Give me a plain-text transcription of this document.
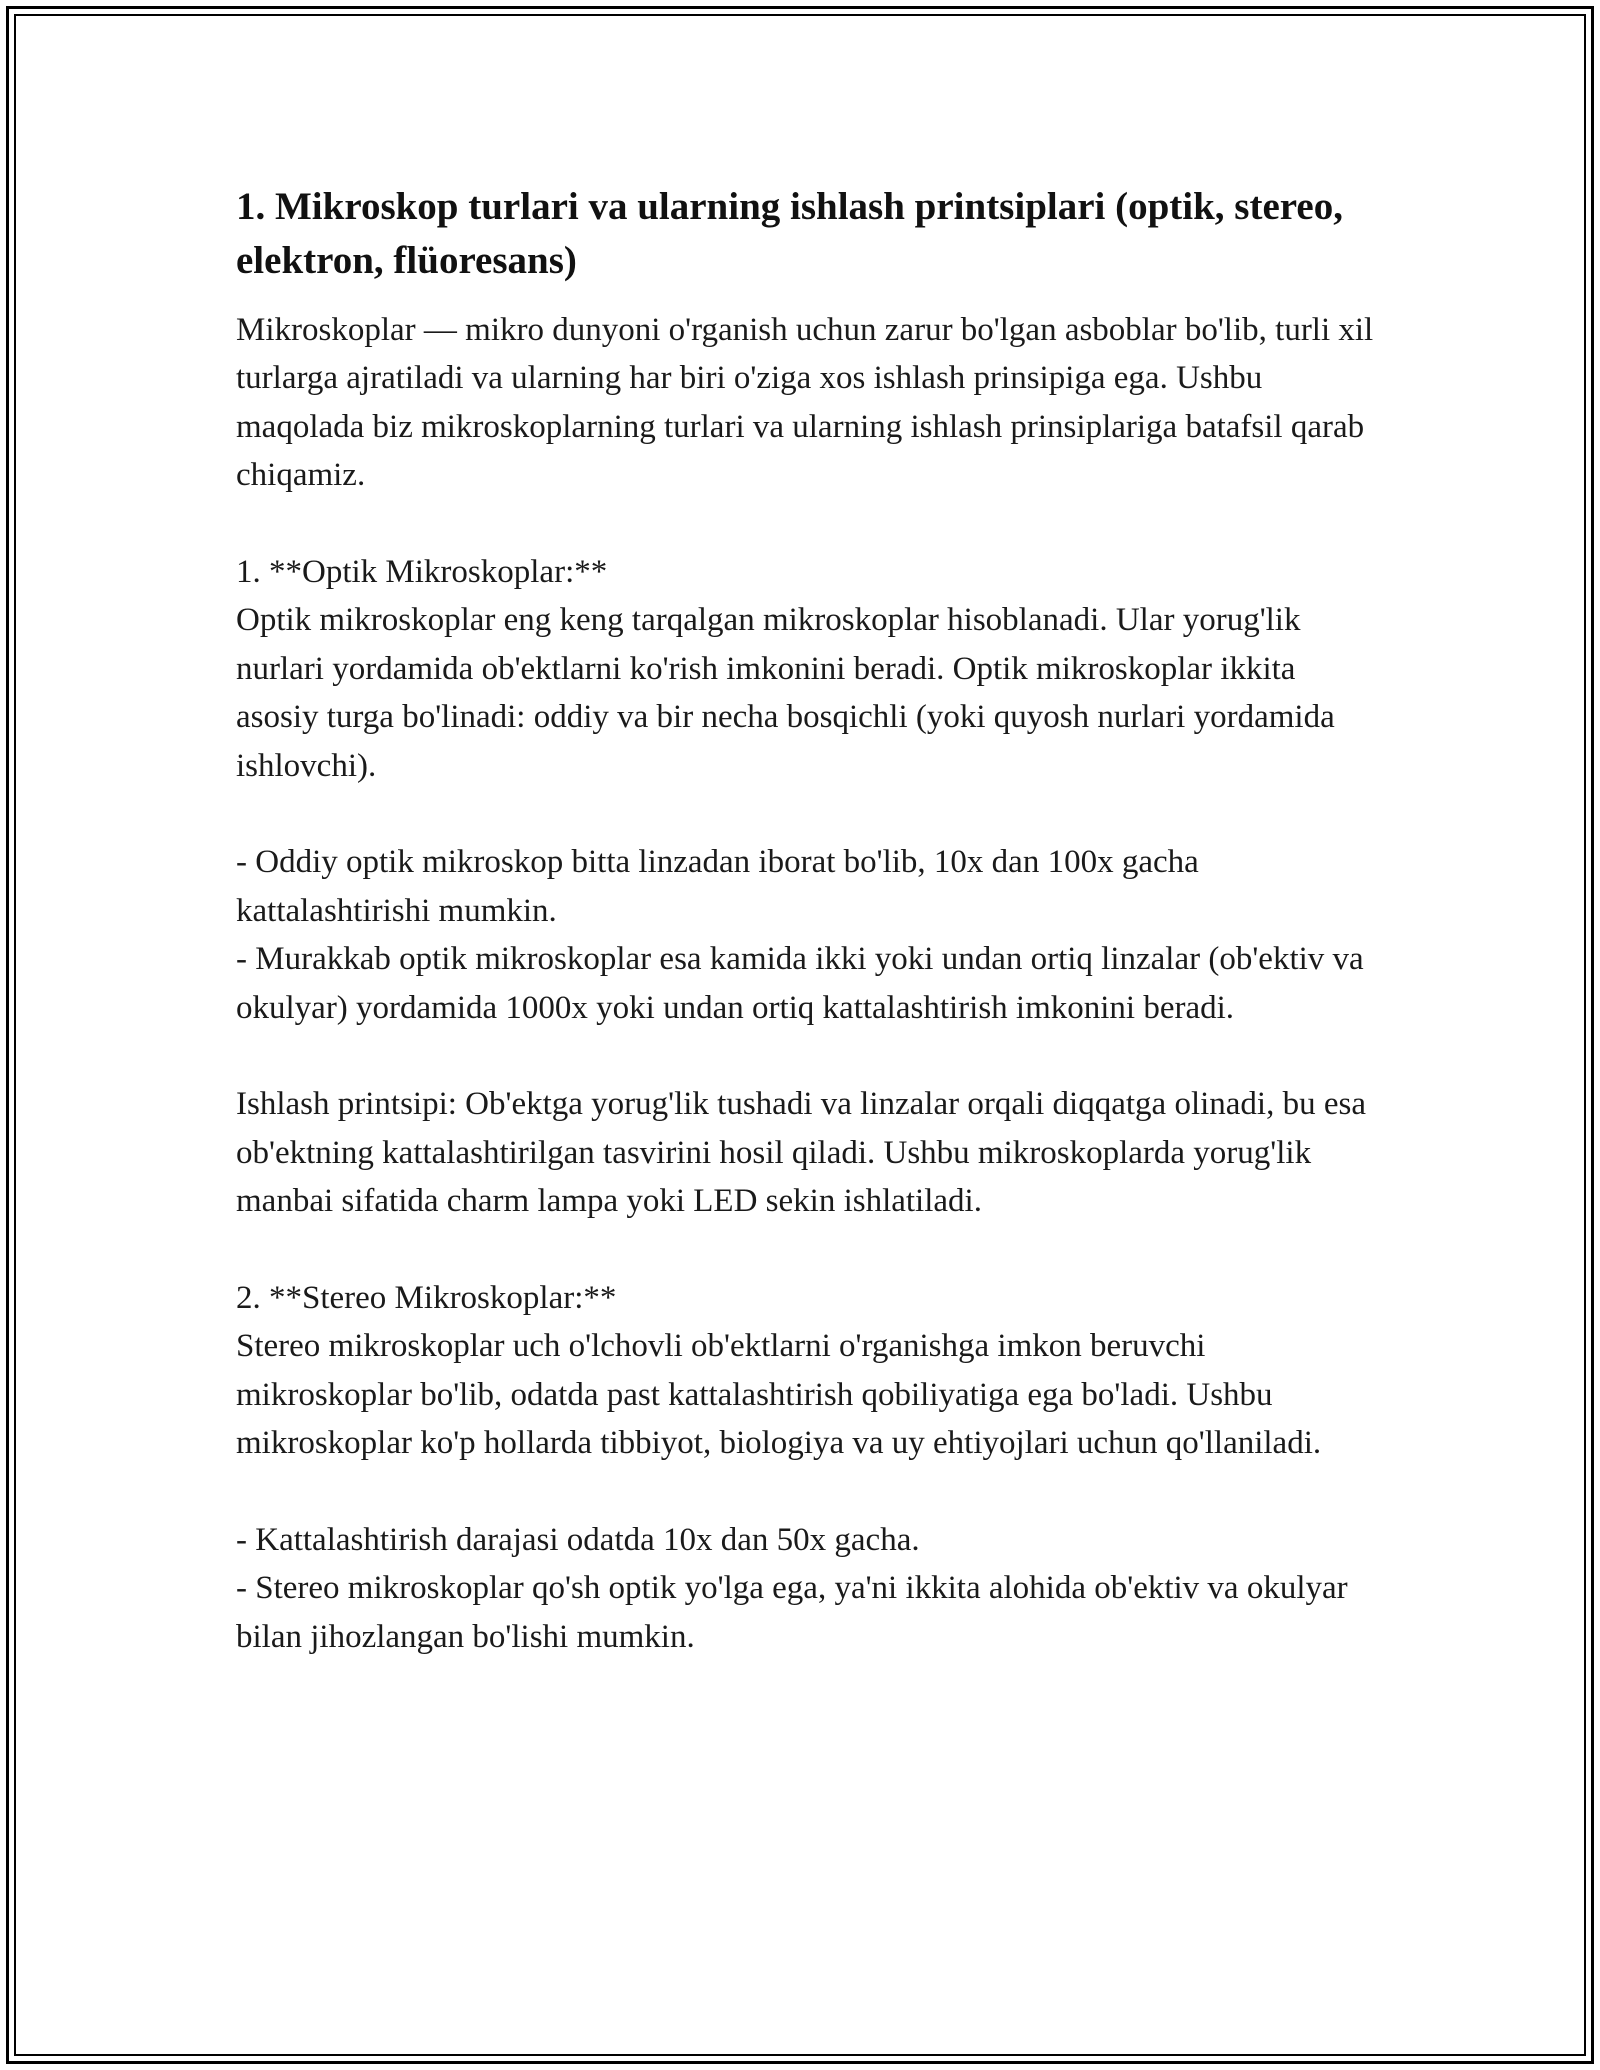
1. Mikroskop turlari va ularning ishlash printsiplari (optik, stereo, elektron, flüoresans)

Mikroskoplar — mikro dunyoni o'rganish uchun zarur bo'lgan asboblar bo'lib, turli xil turlarga ajratiladi va ularning har biri o'ziga xos ishlash prinsipiga ega. Ushbu maqolada biz mikroskoplarning turlari va ularning ishlash prinsiplariga batafsil qarab chiqamiz.

1. **Optik Mikroskoplar:**

Optik mikroskoplar eng keng tarqalgan mikroskoplar hisoblanadi. Ular yorug'lik nurlari yordamida ob'ektlarni ko'rish imkonini beradi. Optik mikroskoplar ikkita asosiy turga bo'linadi: oddiy va bir necha bosqichli (yoki quyosh nurlari yordamida ishlovchi).

- Oddiy optik mikroskop bitta linzadan iborat bo'lib, 10x dan 100x gacha kattalashtirishi mumkin.

- Murakkab optik mikroskoplar esa kamida ikki yoki undan ortiq linzalar (ob'ektiv va okulyar) yordamida 1000x yoki undan ortiq kattalashtirish imkonini beradi.

Ishlash printsipi: Ob'ektga yorug'lik tushadi va linzalar orqali diqqatga olinadi, bu esa ob'ektning kattalashtirilgan tasvirini hosil qiladi. Ushbu mikroskoplarda yorug'lik manbai sifatida charm lampa yoki LED sekin ishlatiladi.

2. **Stereo Mikroskoplar:**

Stereo mikroskoplar uch o'lchovli ob'ektlarni o'rganishga imkon beruvchi mikroskoplar bo'lib, odatda past kattalashtirish qobiliyatiga ega bo'ladi. Ushbu mikroskoplar ko'p hollarda tibbiyot, biologiya va uy ehtiyojlari uchun qo'llaniladi.

- Kattalashtirish darajasi odatda 10x dan 50x gacha.

- Stereo mikroskoplar qo'sh optik yo'lga ega, ya'ni ikkita alohida ob'ektiv va okulyar bilan jihozlangan bo'lishi mumkin.
